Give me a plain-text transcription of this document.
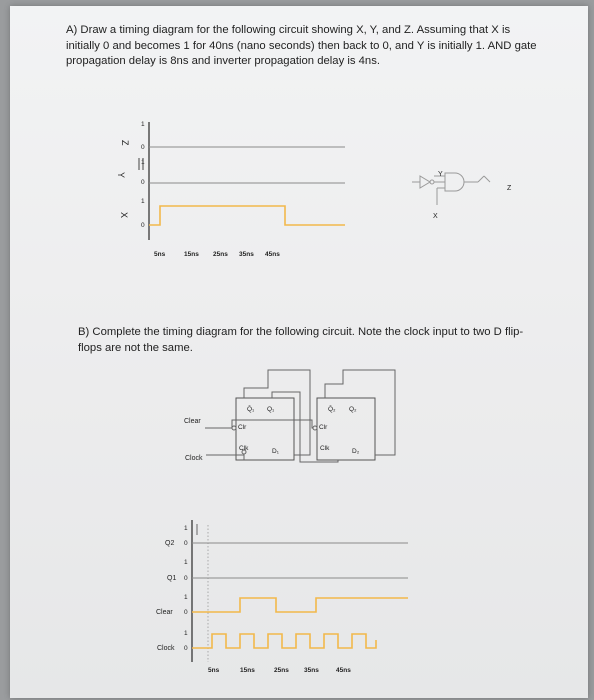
A) Draw a timing diagram for the following circuit showing X, Y, and Z. Assuming that X is initially 0 and becomes 1 for 40ns (nano seconds) then back to 0, and Y is initially 1. AND gate propagation delay is 8ns and inverter propagation delay is 4ns.
B) Complete the timing diagram for the following circuit. Note the clock input to two D flip-flops are not the same.
Z
1
0
Y
1
0
X
1
0
5ns	15ns 25ns 35ns 45ns
Y
X
Z
Q̄₁ Q₁
Clr
Clk	D₁
Q̄₂ Q₂
Clr
Clk	D₂
Clear
Clock
Q2
1
0
Q1
1
0
Clear
1
0
Clock
1
0
5ns	15ns	25ns 35ns	45ns
